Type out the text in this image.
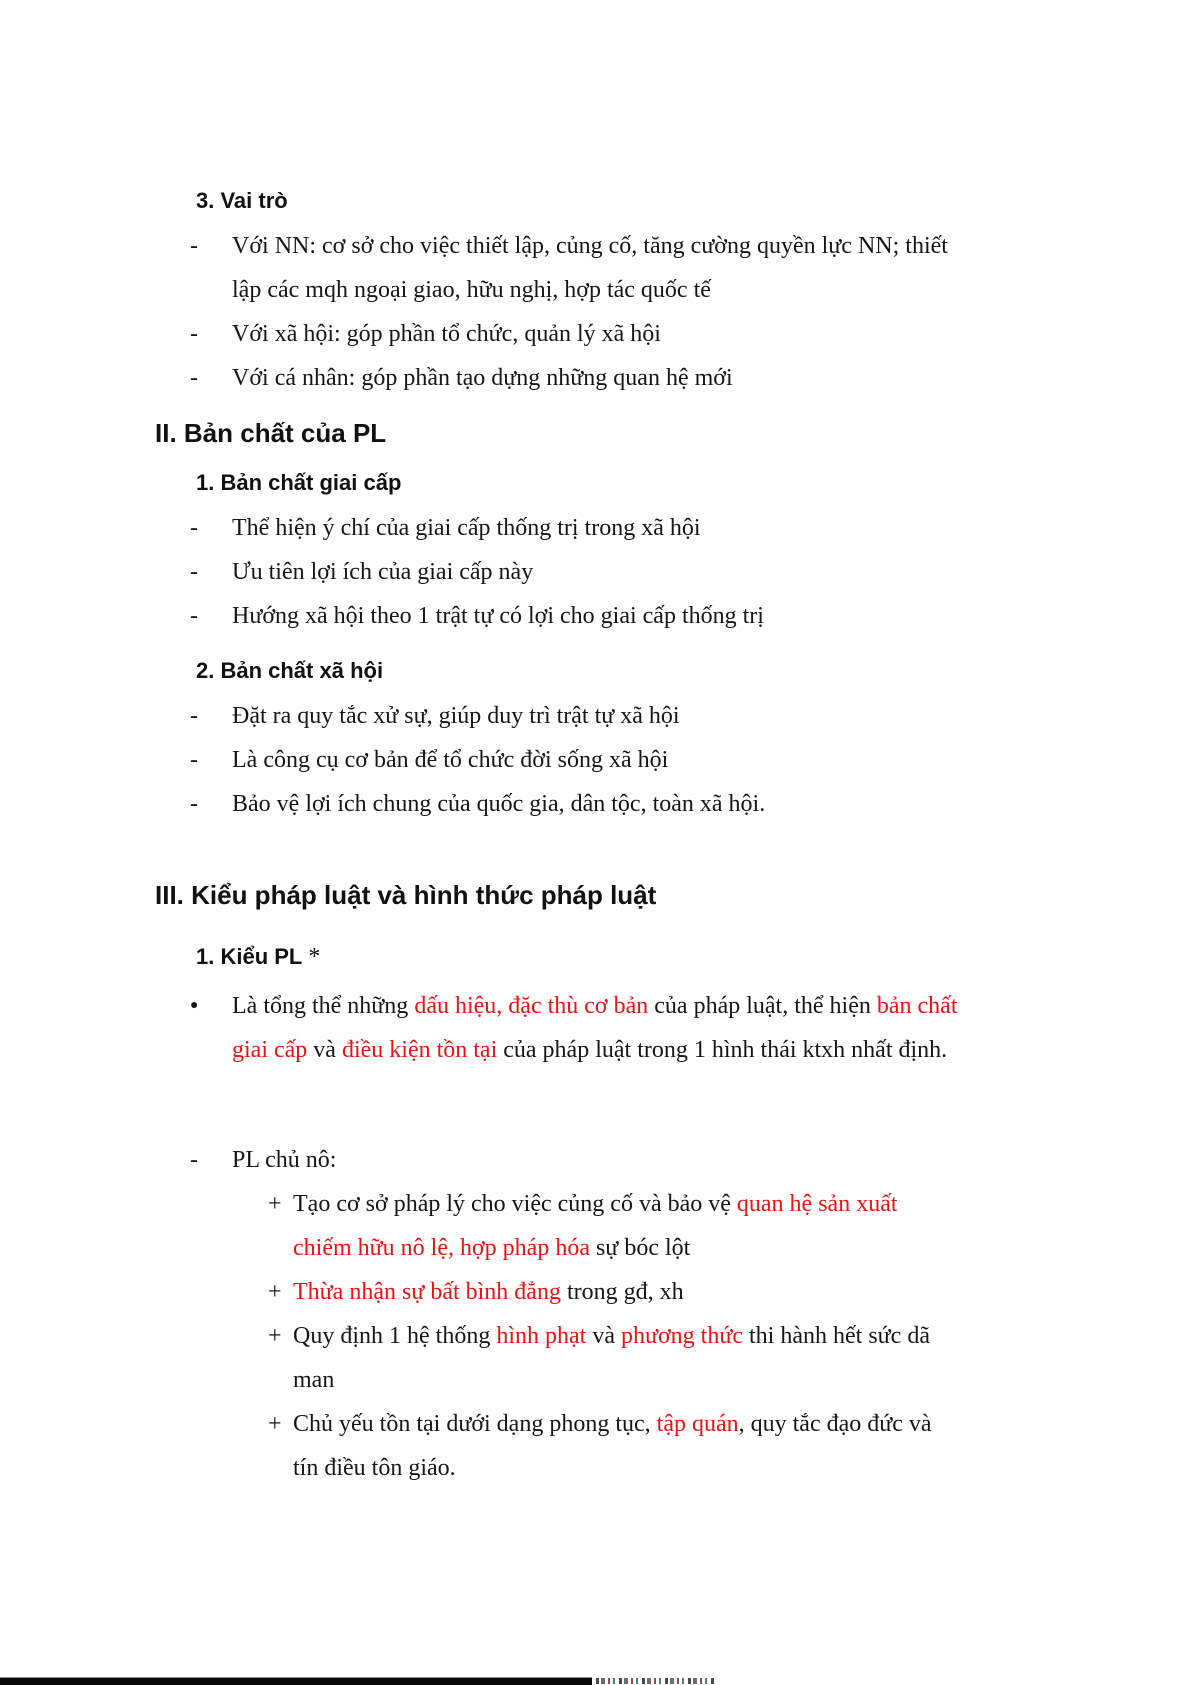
3. Vai trò
-	Với NN: cơ sở cho việc thiết lập, củng cố, tăng cường quyền lực NN; thiết
lập các mqh ngoại giao, hữu nghị, hợp tác quốc tế
-	Với xã hội: góp phần tổ chức, quản lý xã hội
-	Với cá nhân: góp phần tạo dựng những quan hệ mới
II. Bản chất của PL
1. Bản chất giai cấp
-	Thể hiện ý chí của giai cấp thống trị trong xã hội
-	Ưu tiên lợi ích của giai cấp này
-	Hướng xã hội theo 1 trật tự có lợi cho giai cấp thống trị
2. Bản chất xã hội
-	Đặt ra quy tắc xử sự, giúp duy trì trật tự xã hội
-	Là công cụ cơ bản để tổ chức đời sống xã hội
-	Bảo vệ lợi ích chung của quốc gia, dân tộc, toàn xã hội.
III. Kiểu pháp luật và hình thức pháp luật
1. Kiểu PL *
●	Là tổng thể những dấu hiệu, đặc thù cơ bản của pháp luật, thể hiện bản chất
giai cấp và điều kiện tồn tại của pháp luật trong 1 hình thái ktxh nhất định.
-	PL chủ nô:
+ Tạo cơ sở pháp lý cho việc củng cố và bảo vệ quan hệ sản xuất
chiếm hữu nô lệ, hợp pháp hóa sự bóc lột
+ Thừa nhận sự bất bình đẳng trong gđ, xh
+ Quy định 1 hệ thống hình phạt và phương thức thi hành hết sức dã
man
+ Chủ yếu tồn tại dưới dạng phong tục, tập quán, quy tắc đạo đức và
tín điều tôn giáo.
